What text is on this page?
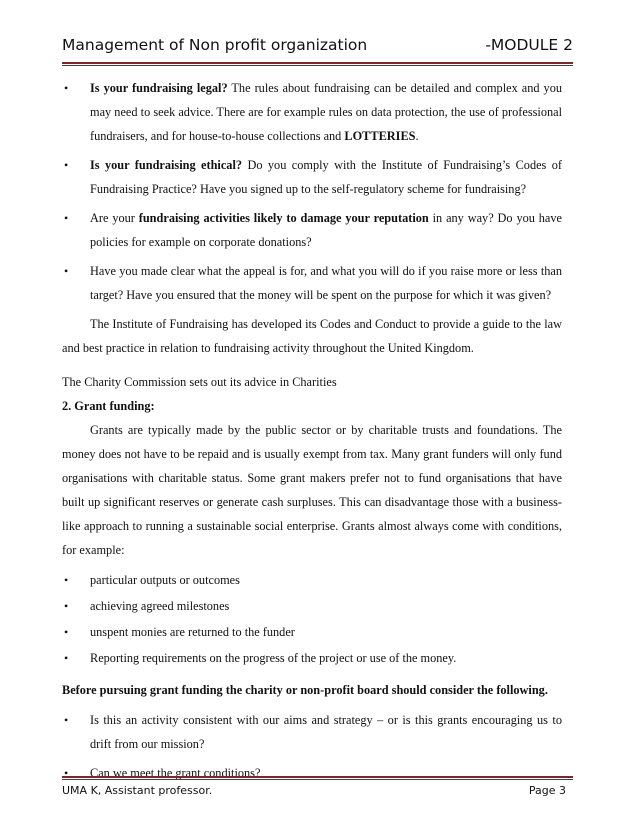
Management of Non profit organization	-MODULE 2

• Is your fundraising legal? The rules about fundraising can be detailed and complex and you may need to seek advice. There are for example rules on data protection, the use of professional fundraisers, and for house-to-house collections and LOTTERIES.

• Is your fundraising ethical? Do you comply with the Institute of Fundraising’s Codes of Fundraising Practice? Have you signed up to the self-regulatory scheme for fundraising?

• Are your fundraising activities likely to damage your reputation in any way? Do you have policies for example on corporate donations?

• Have you made clear what the appeal is for, and what you will do if you raise more or less than target? Have you ensured that the money will be spent on the purpose for which it was given?

The Institute of Fundraising has developed its Codes and Conduct to provide a guide to the law and best practice in relation to fundraising activity throughout the United Kingdom.

The Charity Commission sets out its advice in Charities

2. Grant funding:

Grants are typically made by the public sector or by charitable trusts and foundations. The money does not have to be repaid and is usually exempt from tax. Many grant funders will only fund organisations with charitable status. Some grant makers prefer not to fund organisations that have built up significant reserves or generate cash surpluses. This can disadvantage those with a business-like approach to running a sustainable social enterprise. Grants almost always come with conditions, for example:

• particular outputs or outcomes

• achieving agreed milestones

• unspent monies are returned to the funder

• Reporting requirements on the progress of the project or use of the money.

Before pursuing grant funding the charity or non-profit board should consider the following.

• Is this an activity consistent with our aims and strategy – or is this grants encouraging us to drift from our mission?

• Can we meet the grant conditions?

UMA K, Assistant professor.	Page 3
